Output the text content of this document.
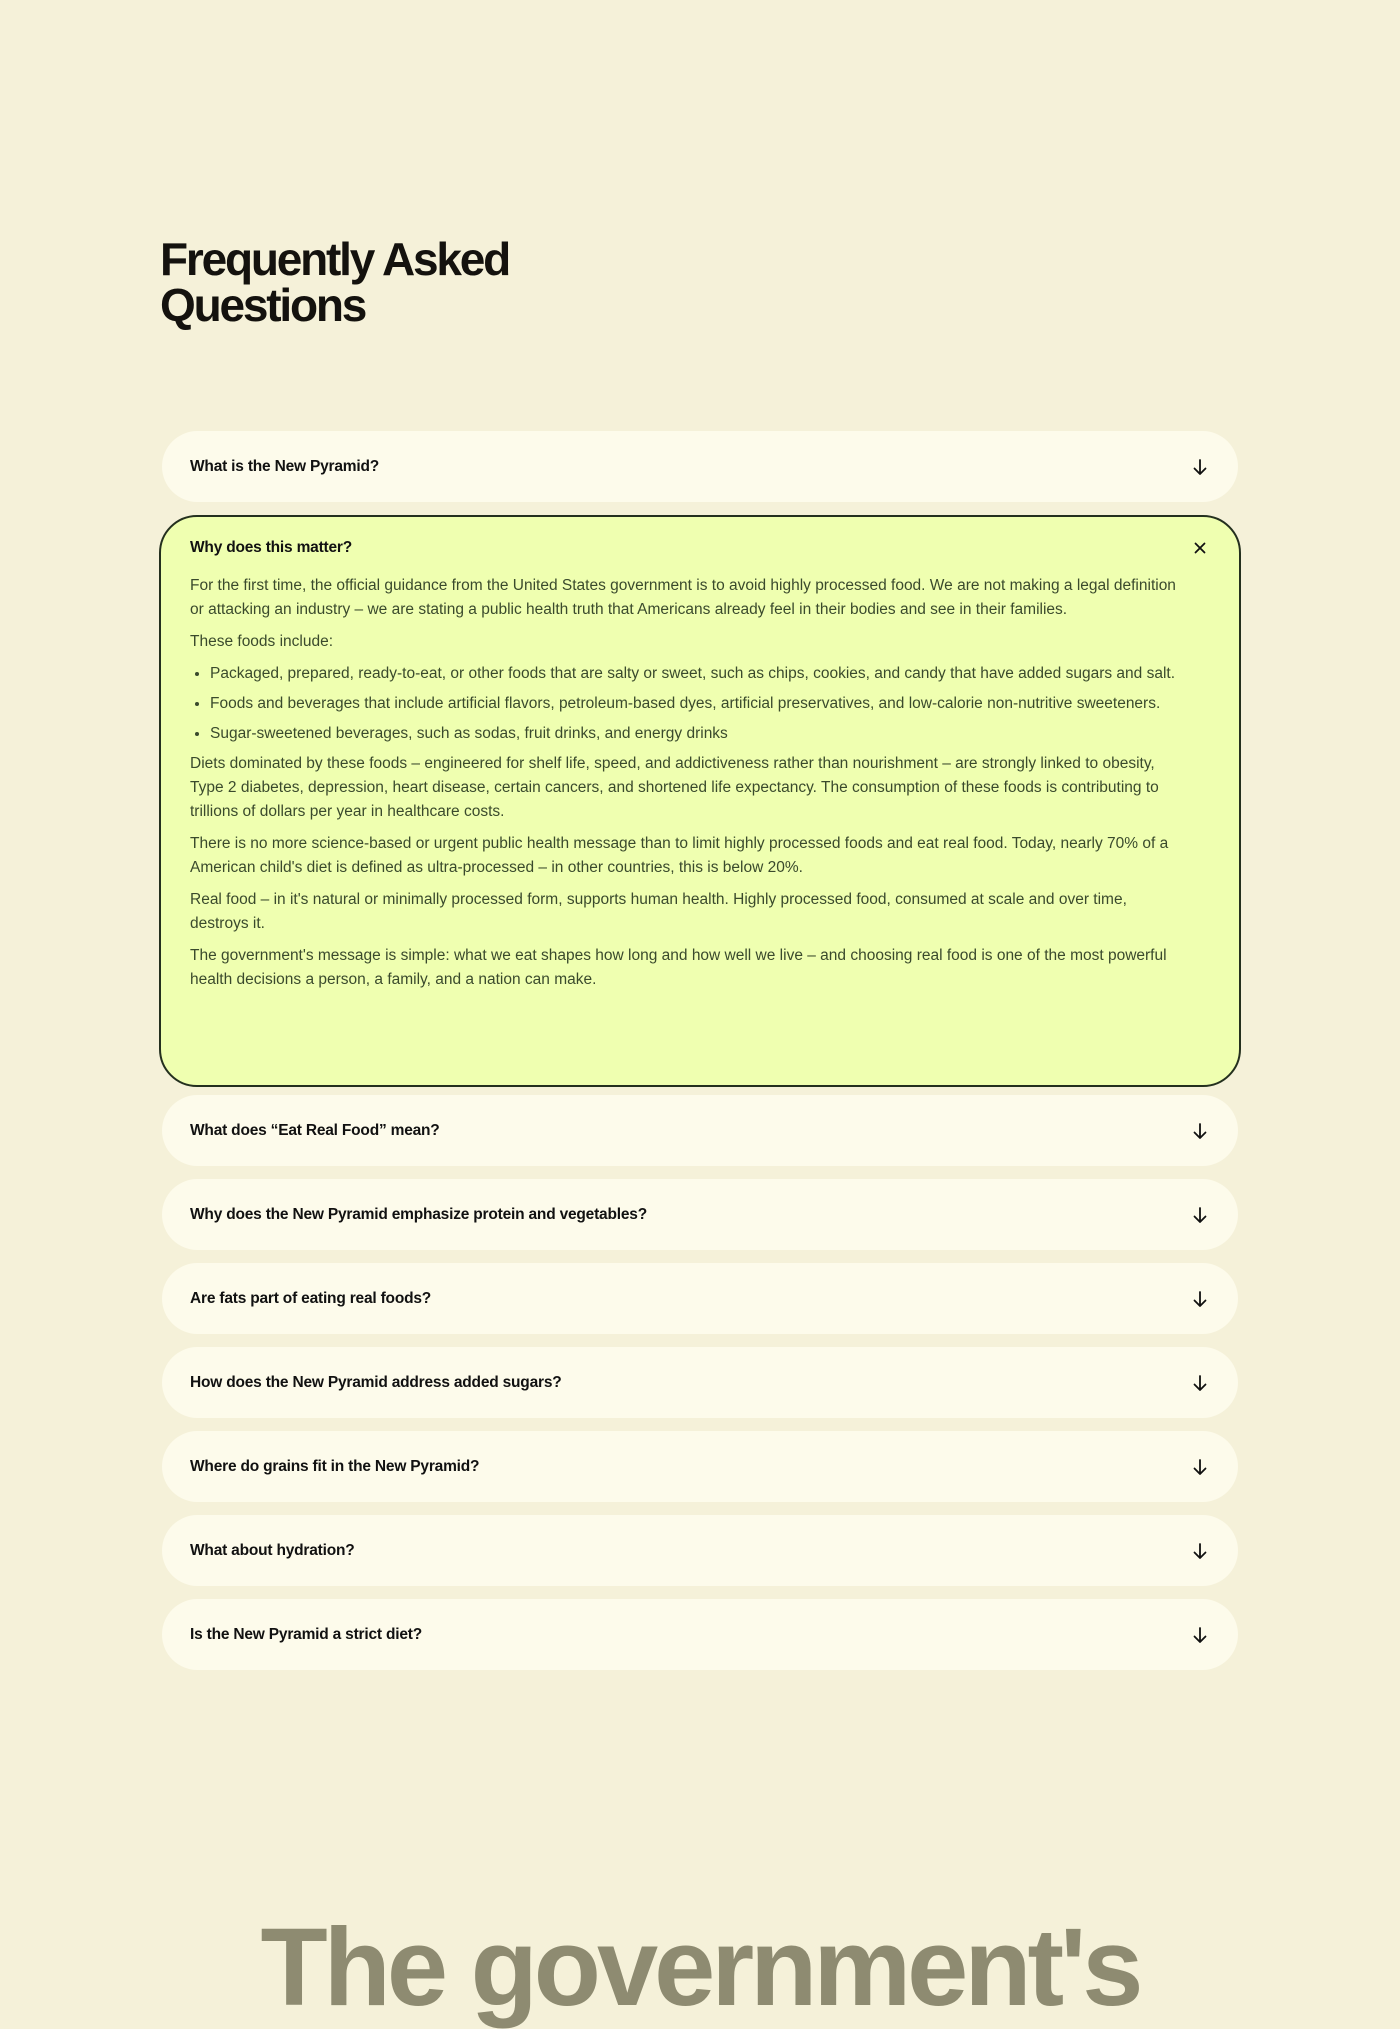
Frequently Asked
Questions
What is the New Pyramid?
Why does this matter?

For the first time, the official guidance from the United States government is to avoid highly processed food. We are not making a legal definition or attacking an industry – we are stating a public health truth that Americans already feel in their bodies and see in their families.

These foods include:

• Packaged, prepared, ready-to-eat, or other foods that are salty or sweet, such as chips, cookies, and candy that have added sugars and salt.
• Foods and beverages that include artificial flavors, petroleum-based dyes, artificial preservatives, and low-calorie non-nutritive sweeteners.
• Sugar-sweetened beverages, such as sodas, fruit drinks, and energy drinks

Diets dominated by these foods – engineered for shelf life, speed, and addictiveness rather than nourishment – are strongly linked to obesity, Type 2 diabetes, depression, heart disease, certain cancers, and shortened life expectancy. The consumption of these foods is contributing to trillions of dollars per year in healthcare costs.

There is no more science-based or urgent public health message than to limit highly processed foods and eat real food. Today, nearly 70% of a American child's diet is defined as ultra-processed – in other countries, this is below 20%.

Real food – in it's natural or minimally processed form, supports human health. Highly processed food, consumed at scale and over time, destroys it.

The government's message is simple: what we eat shapes how long and how well we live – and choosing real food is one of the most powerful health decisions a person, a family, and a nation can make.

What does “Eat Real Food” mean?
Why does the New Pyramid emphasize protein and vegetables?
Are fats part of eating real foods?
How does the New Pyramid address added sugars?
Where do grains fit in the New Pyramid?
What about hydration?
Is the New Pyramid a strict diet?
The government's
